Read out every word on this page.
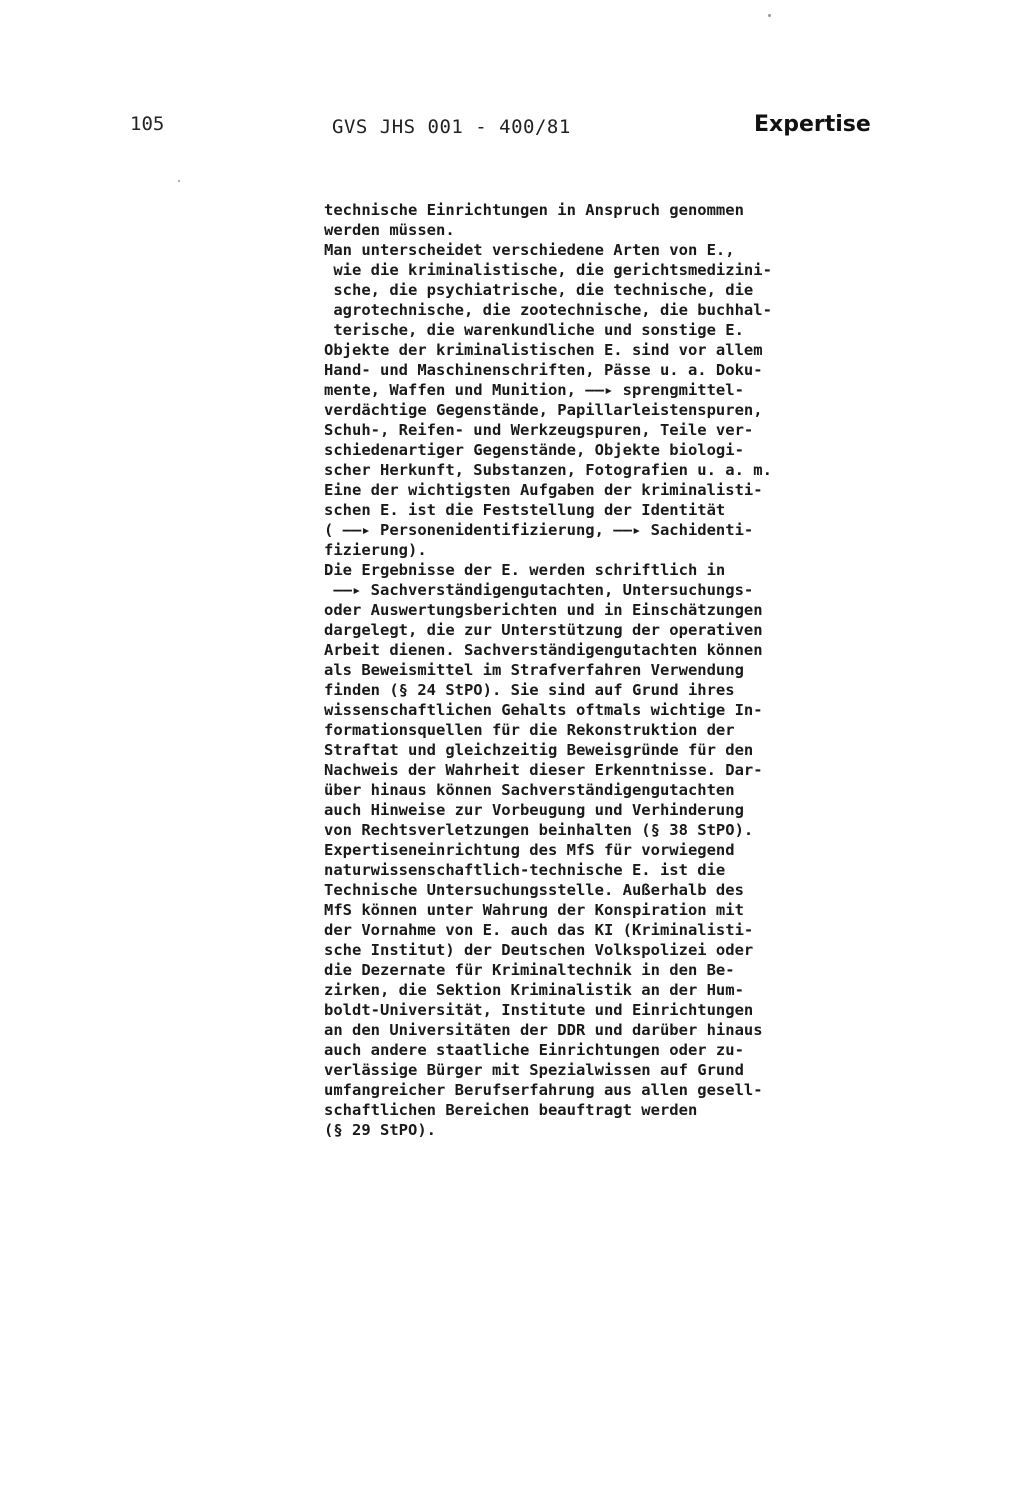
105	GVS JHS 001 - 400/81	Expertise
technische Einrichtungen in Anspruch genommen
werden müssen.
Man unterscheidet verschiedene Arten von E.,
wie die kriminalistische, die gerichtsmedizini-
sche, die psychiatrische, die technische, die
agrotechnische, die zootechnische, die buchhal-
terische, die warenkundliche und sonstige E.
Objekte der kriminalistischen E. sind vor allem
Hand- und Maschinenschriften, Pässe u. a. Doku-
mente, Waffen und Munition, ——▸ sprengmittel-
verdächtige Gegenstände, Papillarleistenspuren,
Schuh-, Reifen- und Werkzeugspuren, Teile ver-
schiedenartiger Gegenstände, Objekte biologi-
scher Herkunft, Substanzen, Fotografien u. a. m.
Eine der wichtigsten Aufgaben der kriminalisti-
schen E. ist die Feststellung der Identität
( ——▸ Personenidentifizierung, ——▸ Sachidenti-
fizierung).
Die Ergebnisse der E. werden schriftlich in
——▸ Sachverständigengutachten, Untersuchungs-
oder Auswertungsberichten und in Einschätzungen
dargelegt, die zur Unterstützung der operativen
Arbeit dienen. Sachverständigengutachten können
als Beweismittel im Strafverfahren Verwendung
finden (§ 24 StPO). Sie sind auf Grund ihres
wissenschaftlichen Gehalts oftmals wichtige In-
formationsquellen für die Rekonstruktion der
Straftat und gleichzeitig Beweisgründe für den
Nachweis der Wahrheit dieser Erkenntnisse. Dar-
über hinaus können Sachverständigengutachten
auch Hinweise zur Vorbeugung und Verhinderung
von Rechtsverletzungen beinhalten (§ 38 StPO).
Expertiseneinrichtung des MfS für vorwiegend
naturwissenschaftlich-technische E. ist die
Technische Untersuchungsstelle. Außerhalb des
MfS können unter Wahrung der Konspiration mit
der Vornahme von E. auch das KI (Kriminalisti-
sche Institut) der Deutschen Volkspolizei oder
die Dezernate für Kriminaltechnik in den Be-
zirken, die Sektion Kriminalistik an der Hum-
boldt-Universität, Institute und Einrichtungen
an den Universitäten der DDR und darüber hinaus
auch andere staatliche Einrichtungen oder zu-
verlässige Bürger mit Spezialwissen auf Grund
umfangreicher Berufserfahrung aus allen gesell-
schaftlichen Bereichen beauftragt werden
(§ 29 StPO).
